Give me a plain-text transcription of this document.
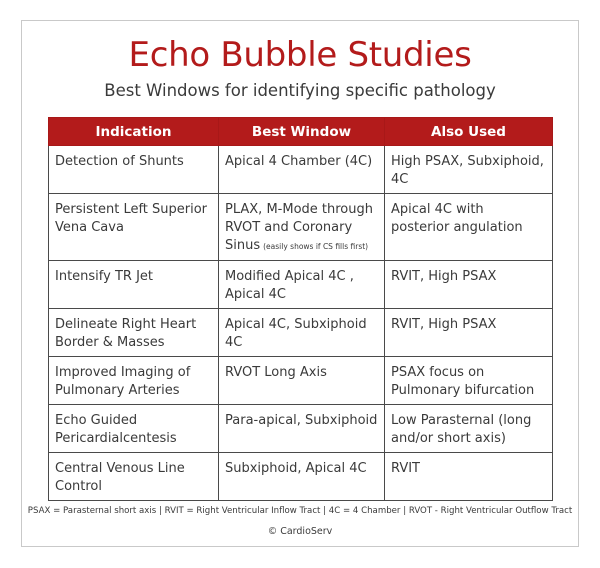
Echo Bubble Studies
Best Windows for identifying specific pathology
Indication	Best Window	Also Used
Detection of Shunts	Apical 4 Chamber (4C)	High PSAX, Subxiphoid, 4C
Persistent Left Superior Vena Cava	PLAX, M-Mode through RVOT and Coronary Sinus (easily shows if CS fills first)	Apical 4C with posterior angulation
Intensify TR Jet	Modified Apical 4C , Apical 4C	RVIT, High PSAX
Delineate Right Heart Border & Masses	Apical 4C, Subxiphoid 4C	RVIT, High PSAX
Improved Imaging of Pulmonary Arteries	RVOT Long Axis	PSAX focus on Pulmonary bifurcation
Echo Guided Pericardialcentesis	Para-apical, Subxiphoid	Low Parasternal (long and/or short axis)
Central Venous Line Control	Subxiphoid, Apical 4C	RVIT
PSAX = Parasternal short axis | RVIT = Right Ventricular Inflow Tract | 4C = 4 Chamber | RVOT - Right Ventricular Outflow Tract
© CardioServ
